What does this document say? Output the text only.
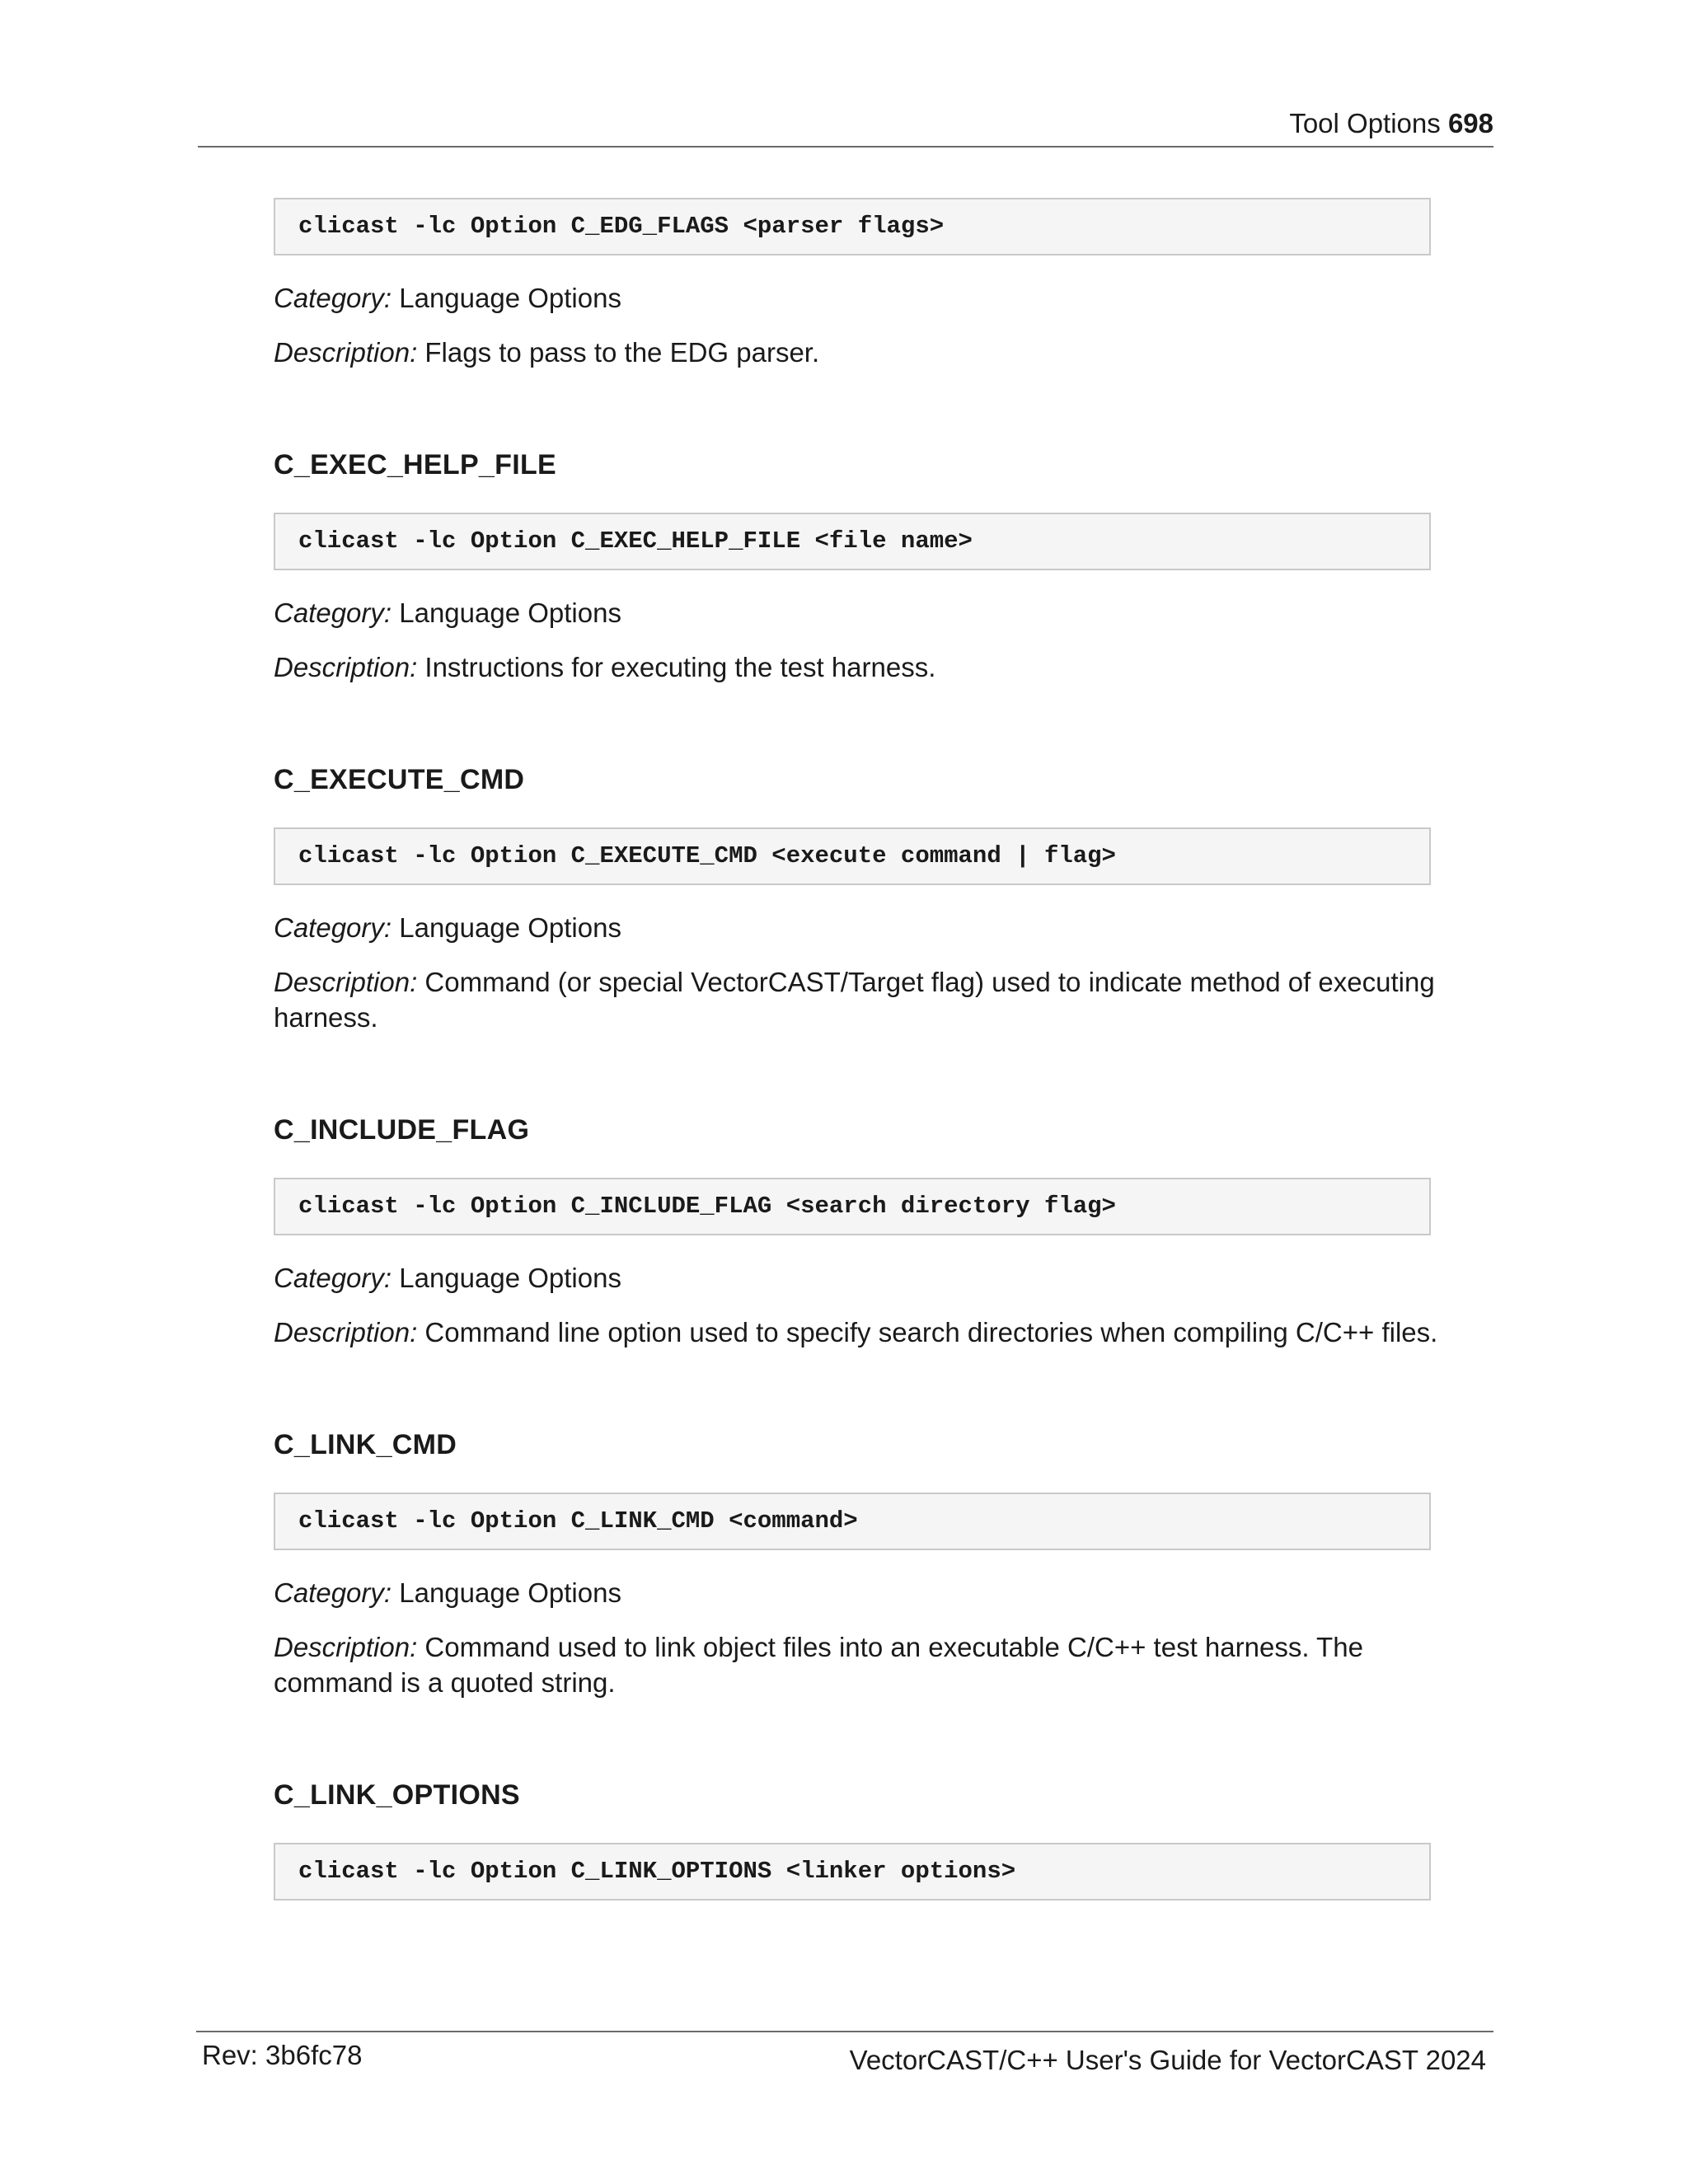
Tool Options 698
clicast -lc Option C_EDG_FLAGS <parser flags>
Category: Language Options
Description: Flags to pass to the EDG parser.
C_EXEC_HELP_FILE
clicast -lc Option C_EXEC_HELP_FILE <file name>
Category: Language Options
Description: Instructions for executing the test harness.
C_EXECUTE_CMD
clicast -lc Option C_EXECUTE_CMD <execute command | flag>
Category: Language Options
Description: Command (or special VectorCAST/Target flag) used to indicate method of executing harness.
C_INCLUDE_FLAG
clicast -lc Option C_INCLUDE_FLAG <search directory flag>
Category: Language Options
Description: Command line option used to specify search directories when compiling C/C++ files.
C_LINK_CMD
clicast -lc Option C_LINK_CMD <command>
Category: Language Options
Description: Command used to link object files into an executable C/C++ test harness. The command is a quoted string.
C_LINK_OPTIONS
clicast -lc Option C_LINK_OPTIONS <linker options>
Rev: 3b6fc78	VectorCAST/C++ User's Guide for VectorCAST 2024
